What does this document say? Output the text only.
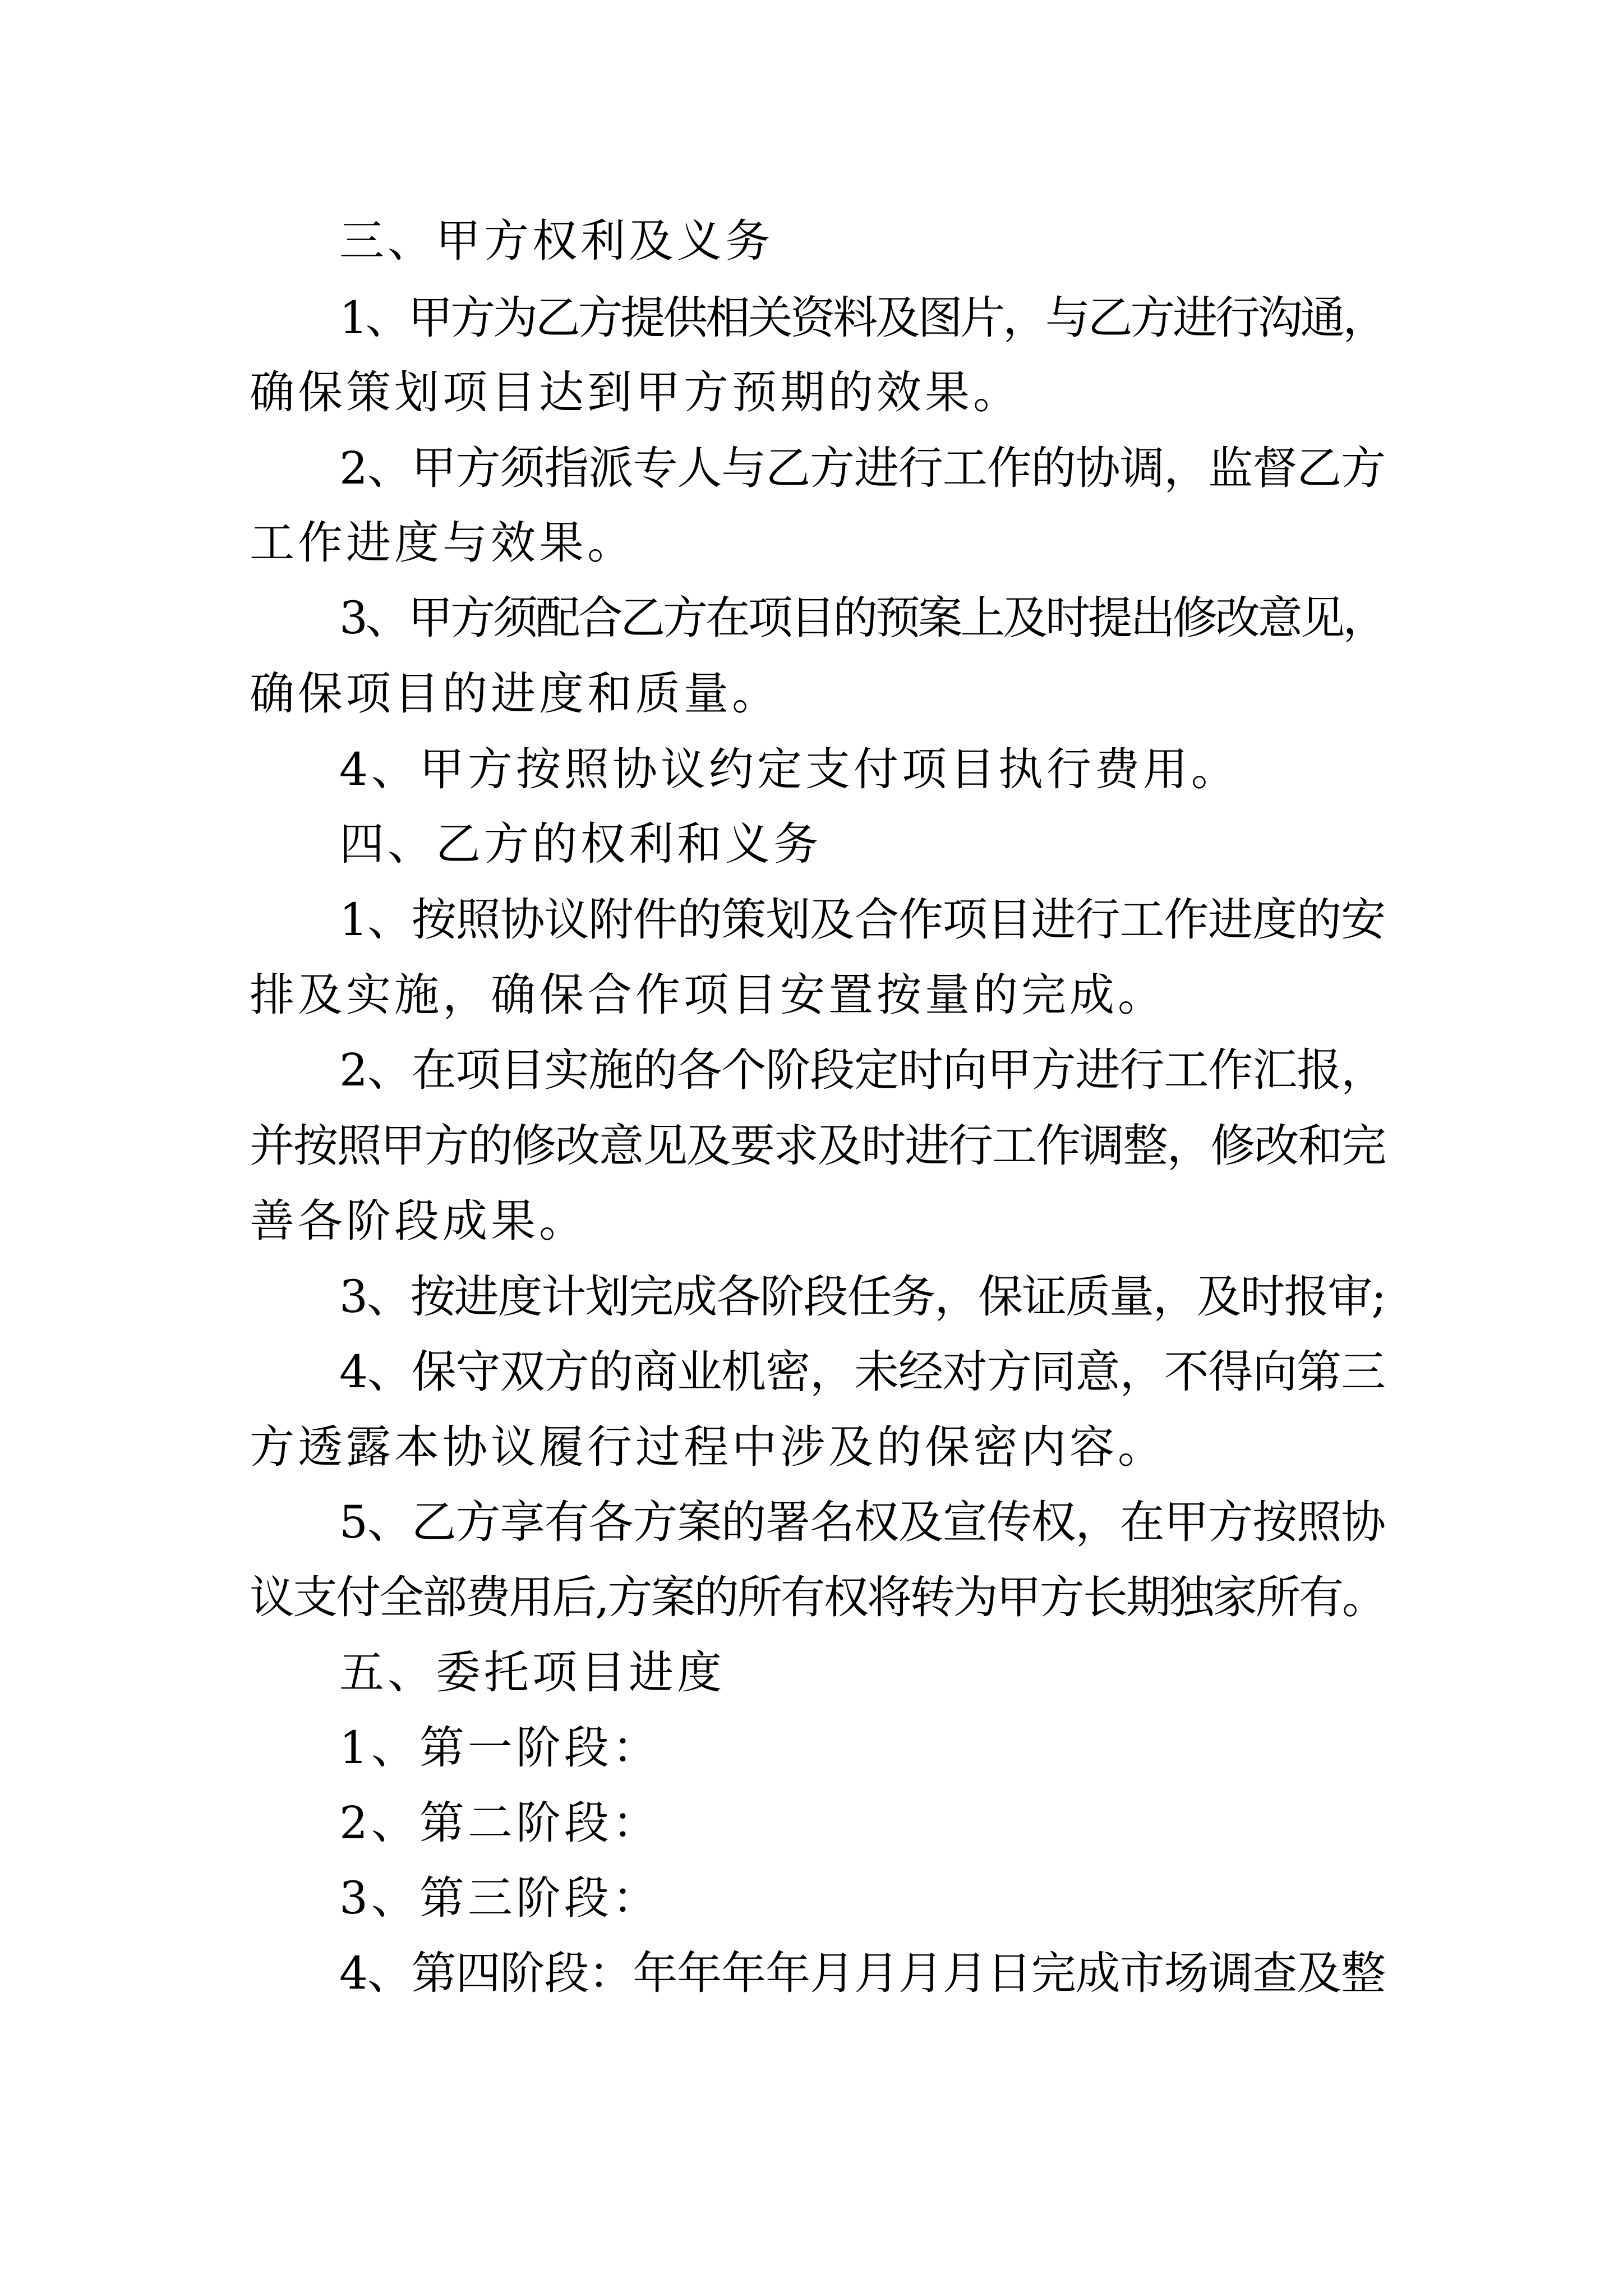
三、甲方权利及义务
1、甲方为乙方提供相关资料及图片，与乙方进行沟通，
确保策划项目达到甲方预期的效果。
2、甲方须指派专人与乙方进行工作的协调，监督乙方
工作进度与效果。
3、甲方须配合乙方在项目的预案上及时提出修改意见，
确保项目的进度和质量。
4、甲方按照协议约定支付项目执行费用。
四、乙方的权利和义务
1、按照协议附件的策划及合作项目进行工作进度的安
排及实施，确保合作项目安置按量的完成。
2、在项目实施的各个阶段定时向甲方进行工作汇报，
并按照甲方的修改意见及要求及时进行工作调整，修改和完
善各阶段成果。
3、按进度计划完成各阶段任务，保证质量，及时报审;
4、保守双方的商业机密，未经对方同意，不得向第三
方透露本协议履行过程中涉及的保密内容。
5、乙方享有各方案的署名权及宣传权，在甲方按照协
议支付全部费用后,方案的所有权将转为甲方长期独家所有。
五、委托项目进度
1、第一阶段：
2、第二阶段：
3、第三阶段：
4、第四阶段：年年年年月月月月日完成市场调查及整
